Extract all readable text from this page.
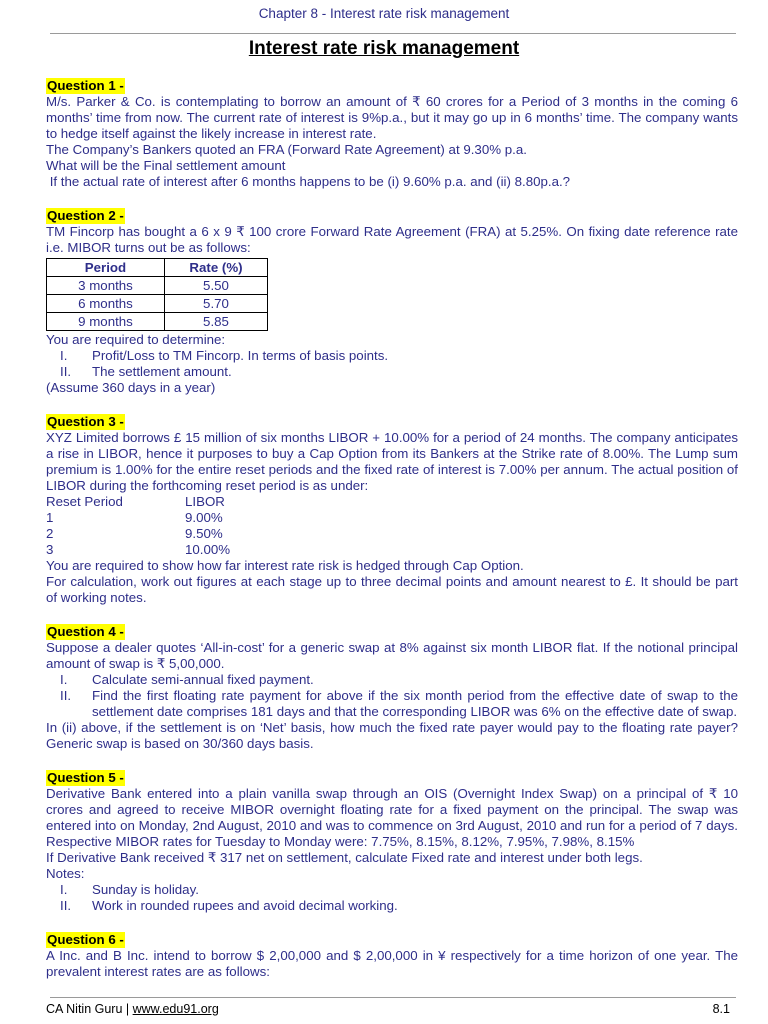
Chapter 8 - Interest rate risk management
Interest rate risk management
Question 1 -

M/s. Parker & Co. is contemplating to borrow an amount of ₹ 60 crores for a Period of 3 months in the coming 6 months’ time from now. The current rate of interest is 9%p.a., but it may go up in 6 months’ time. The company wants to hedge itself against the likely increase in interest rate.

The Company’s Bankers quoted an FRA (Forward Rate Agreement) at 9.30% p.a.

What will be the Final settlement amount

If the actual rate of interest after 6 months happens to be (i) 9.60% p.a. and (ii) 8.80p.a.?

Question 2 -

TM Fincorp has bought a 6 x 9 ₹ 100 crore Forward Rate Agreement (FRA) at 5.25%. On fixing date reference rate i.e. MIBOR turns out be as follows:

Period	Rate (%)
3 months	5.50
6 months	5.70
9 months	5.85

You are required to determine:

I.	Profit/Loss to TM Fincorp. In terms of basis points.
II.	The settlement amount.

(Assume 360 days in a year)

Question 3 -

XYZ Limited borrows £ 15 million of six months LIBOR + 10.00% for a period of 24 months. The company anticipates a rise in LIBOR, hence it purposes to buy a Cap Option from its Bankers at the Strike rate of 8.00%. The Lump sum premium is 1.00% for the entire reset periods and the fixed rate of interest is 7.00% per annum. The actual position of LIBOR during the forthcoming reset period is as under:

Reset Period	LIBOR
1	9.00%
2	9.50%
3	10.00%

You are required to show how far interest rate risk is hedged through Cap Option.

For calculation, work out figures at each stage up to three decimal points and amount nearest to £. It should be part of working notes.

Question 4 -

Suppose a dealer quotes ‘All-in-cost’ for a generic swap at 8% against six month LIBOR flat. If the notional principal amount of swap is ₹ 5,00,000.

I.	Calculate semi-annual fixed payment.
II.	Find the first floating rate payment for above if the six month period from the effective date of swap to the settlement date comprises 181 days and that the corresponding LIBOR was 6% on the effective date of swap.

In (ii) above, if the settlement is on ‘Net’ basis, how much the fixed rate payer would pay to the floating rate payer? Generic swap is based on 30/360 days basis.

Question 5 -

Derivative Bank entered into a plain vanilla swap through an OIS (Overnight Index Swap) on a principal of ₹ 10 crores and agreed to receive MIBOR overnight floating rate for a fixed payment on the principal. The swap was entered into on Monday, 2nd August, 2010 and was to commence on 3rd August, 2010 and run for a period of 7 days. Respective MIBOR rates for Tuesday to Monday were: 7.75%, 8.15%, 8.12%, 7.95%, 7.98%, 8.15%

If Derivative Bank received ₹ 317 net on settlement, calculate Fixed rate and interest under both legs.

Notes:

I.	Sunday is holiday.
II.	Work in rounded rupees and avoid decimal working.
Question 6 -

A Inc. and B Inc. intend to borrow $ 2,00,000 and $ 2,00,000 in ¥ respectively for a time horizon of one year. The prevalent interest rates are as follows:

CA Nitin Guru | www.edu91.org	8.1
